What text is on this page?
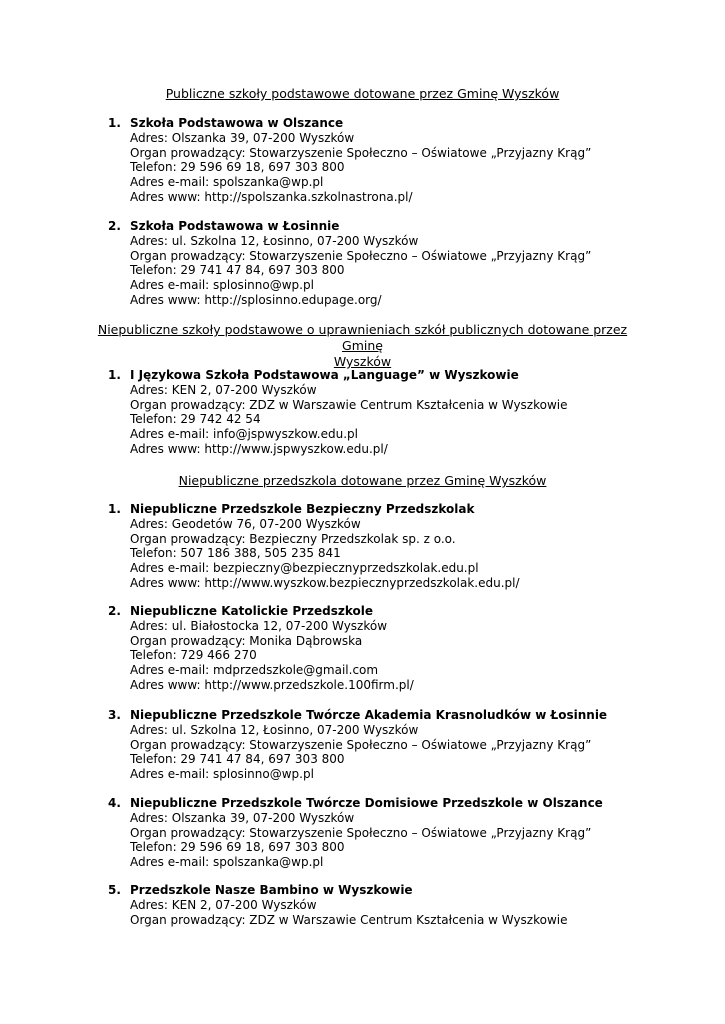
Publiczne szkoły podstawowe dotowane przez Gminę Wyszków
1. Szkoła Podstawowa w Olszance
Adres: Olszanka 39, 07-200 Wyszków
Organ prowadzący: Stowarzyszenie Społeczno – Oświatowe „Przyjazny Krąg”
Telefon: 29 596 69 18, 697 303 800
Adres e-mail: spolszanka@wp.pl
Adres www: http://spolszanka.szkolnastrona.pl/
2. Szkoła Podstawowa w Łosinnie
Adres: ul. Szkolna 12, Łosinno, 07-200 Wyszków
Organ prowadzący: Stowarzyszenie Społeczno – Oświatowe „Przyjazny Krąg”
Telefon: 29 741 47 84, 697 303 800
Adres e-mail: splosinno@wp.pl
Adres www: http://splosinno.edupage.org/
Niepubliczne szkoły podstawowe o uprawnieniach szkół publicznych dotowane przez Gminę
Wyszków
1. I Językowa Szkoła Podstawowa „Language” w Wyszkowie
Adres: KEN 2, 07-200 Wyszków
Organ prowadzący: ZDZ w Warszawie Centrum Kształcenia w Wyszkowie
Telefon: 29 742 42 54
Adres e-mail: info@jspwyszkow.edu.pl
Adres www: http://www.jspwyszkow.edu.pl/
Niepubliczne przedszkola dotowane przez Gminę Wyszków
1. Niepubliczne Przedszkole Bezpieczny Przedszkolak
Adres: Geodetów 76, 07-200 Wyszków
Organ prowadzący: Bezpieczny Przedszkolak sp. z o.o.
Telefon: 507 186 388, 505 235 841
Adres e-mail: bezpieczny@bezpiecznyprzedszkolak.edu.pl
Adres www: http://www.wyszkow.bezpiecznyprzedszkolak.edu.pl/
2. Niepubliczne Katolickie Przedszkole
Adres: ul. Białostocka 12, 07-200 Wyszków
Organ prowadzący: Monika Dąbrowska
Telefon: 729 466 270
Adres e-mail: mdprzedszkole@gmail.com
Adres www: http://www.przedszkole.100firm.pl/
3. Niepubliczne Przedszkole Twórcze Akademia Krasnoludków w Łosinnie
Adres: ul. Szkolna 12, Łosinno, 07-200 Wyszków
Organ prowadzący: Stowarzyszenie Społeczno – Oświatowe „Przyjazny Krąg”
Telefon: 29 741 47 84, 697 303 800
Adres e-mail: splosinno@wp.pl
4. Niepubliczne Przedszkole Twórcze Domisiowe Przedszkole w Olszance
Adres: Olszanka 39, 07-200 Wyszków
Organ prowadzący: Stowarzyszenie Społeczno – Oświatowe „Przyjazny Krąg”
Telefon: 29 596 69 18, 697 303 800
Adres e-mail: spolszanka@wp.pl
5. Przedszkole Nasze Bambino w Wyszkowie
Adres: KEN 2, 07-200 Wyszków
Organ prowadzący: ZDZ w Warszawie Centrum Kształcenia w Wyszkowie
